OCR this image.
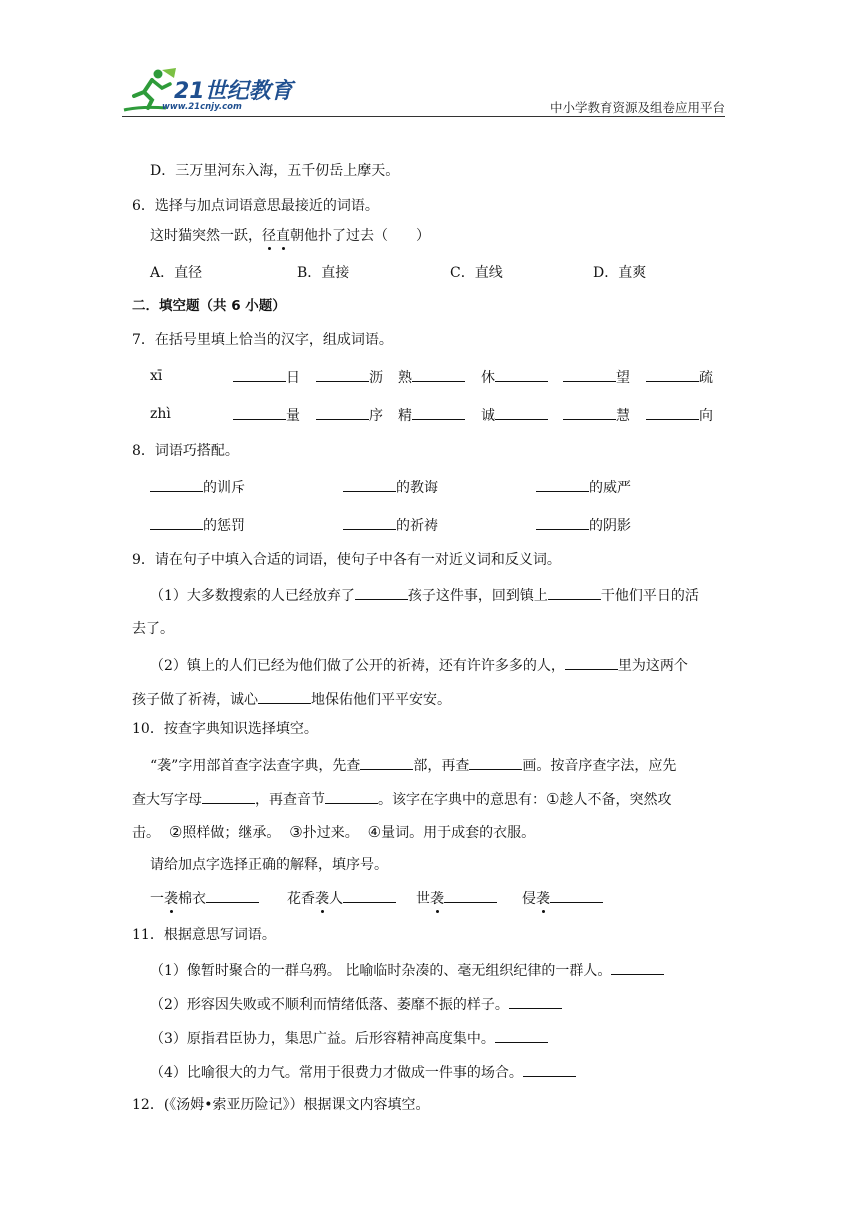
21世纪教育
www.21cnjy.com	中小学教育资源及组卷应用平台
D．三万里河东入海，五千仞岳上摩天。
6．选择与加点词语意思最接近的词语。
这时猫突然一跃，径直朝他扑了过去（　　）
A．直径	B．直接	C．直线	D．直爽
二．填空题（共 6 小题）
7．在括号里填上恰当的汉字，组成词语。
xī	日	沥 熟	休	望	疏
zhì	量	序 精	诚	慧	向
8．词语巧搭配。
的训斥	的教诲	的威严
的惩罚	的祈祷	的阴影
9．请在句子中填入合适的词语，使句子中各有一对近义词和反义词。
（1）大多数搜索的人已经放弃了	孩子这件事，回到镇上	干他们平日的活
去了。
（2）镇上的人们已经为他们做了公开的祈祷，还有许许多多的人，	里为这两个
孩子做了祈祷，诚心	地保佑他们平平安安。
10．按查字典知识选择填空。
“袭”字用部首查字法查字典，先查	部，再查	画。按音序查字法，应先
查大写字母	，再查音节	。该字在字典中的意思有：①趁人不备，突然攻
击。 ②照样做；继承。 ③扑过来。 ④量词。用于成套的衣服。
请给加点字选择正确的解释，填序号。
一袭棉衣	花香袭人	世袭	侵袭
11．根据意思写词语。
（1）像暂时聚合的一群乌鸦。 比喻临时杂凑的、毫无组织纪律的一群人。
（2）形容因失败或不顺利而情绪低落、萎靡不振的样子。
（3）原指君臣协力，集思广益。后形容精神高度集中。
（4）比喻很大的力气。常用于很费力才做成一件事的场合。
12．(《汤姆•索亚历险记》）根据课文内容填空。
